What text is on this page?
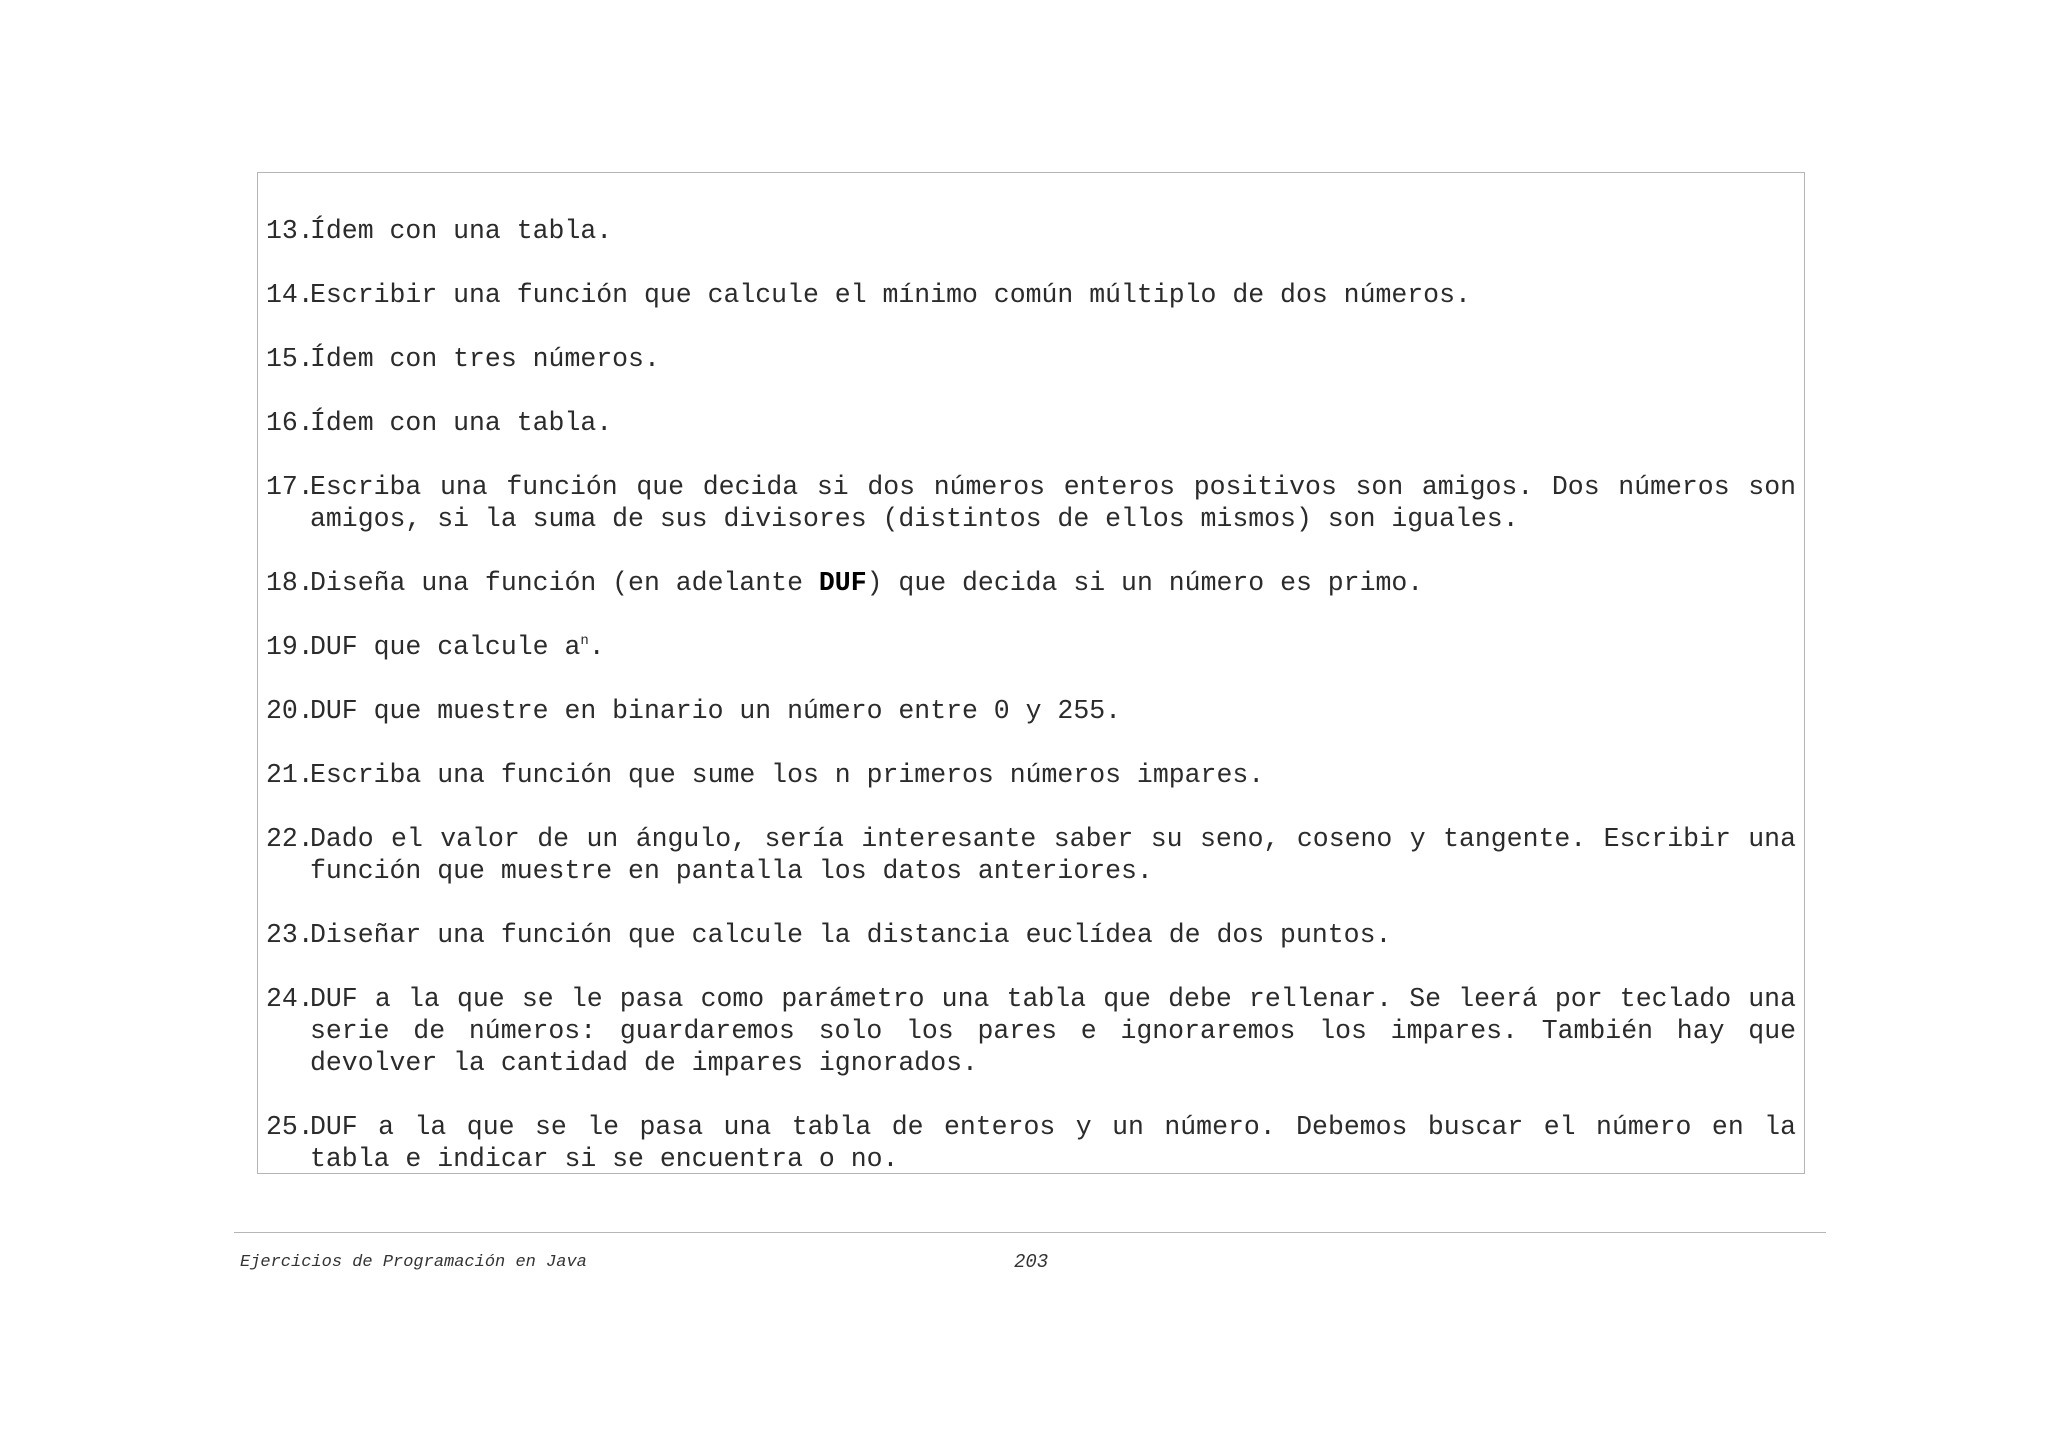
13.
Ídem con una tabla.
14.
Escribir una función que calcule el mínimo común múltiplo de dos números.
15.
Ídem con tres números.
16.
Ídem con una tabla.
17.
Escriba una función que decida si dos números enteros positivos son amigos. Dos números son amigos, si la suma de sus divisores (distintos de ellos mismos) son iguales.
18.
Diseña una función (en adelante DUF) que decida si un número es primo.
19.
DUF que calcule $a^n$.
20.
DUF que muestre en binario un número entre 0 y 255.
21.
Escriba una función que sume los n primeros números impares.
22.
Dado el valor de un ángulo, sería interesante saber su seno, coseno y tangente. Escribir una función que muestre en pantalla los datos anteriores.
23.
Diseñar una función que calcule la distancia euclídea de dos puntos.
24.
DUF a la que se le pasa como parámetro una tabla que debe rellenar. Se leerá por teclado una serie de números: guardaremos solo los pares e ignoraremos los impares. También hay que devolver la cantidad de impares ignorados.
25.
DUF a la que se le pasa una tabla de enteros y un número. Debemos buscar el número en la tabla e indicar si se encuentra o no.
Ejercicios de Programación en Java	203
